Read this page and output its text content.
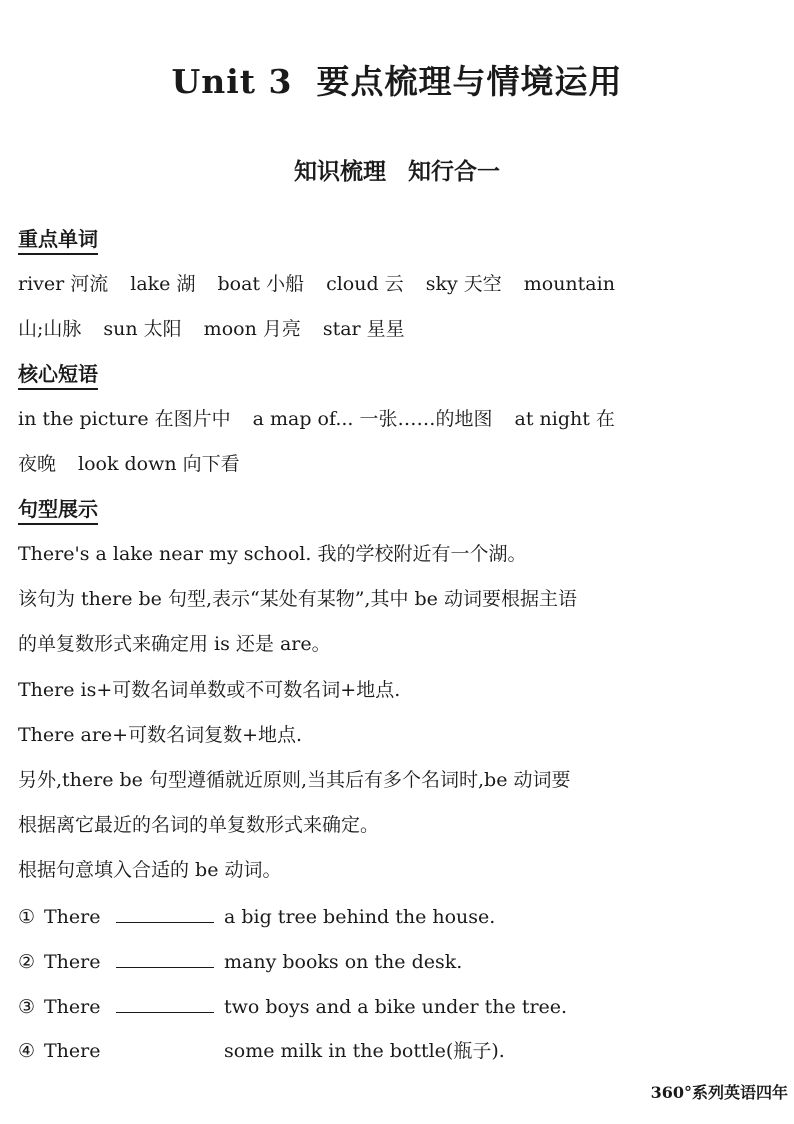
Unit 3 要点梳理与情境运用
知识梳理 知行合一
重点单词
river 河流 lake 湖 boat 小船 cloud 云 sky 天空 mountain
山;山脉 sun 太阳 moon 月亮 star 星星
核心短语
in the picture 在图片中 a map of... 一张……的地图 at night 在
夜晚 look down 向下看
句型展示
There's a lake near my school. 我的学校附近有一个湖。
该句为 there be 句型,表示“某处有某物”,其中 be 动词要根据主语
的单复数形式来确定用 is 还是 are。
There is+可数名词单数或不可数名词+地点.
There are+可数名词复数+地点.
另外,there be 句型遵循就近原则,当其后有多个名词时,be 动词要
根据离它最近的名词的单复数形式来确定。
根据句意填入合适的 be 动词。
① There	a big tree behind the house.
② There	many books on the desk.
③ There	two boys and a bike under the tree.
④ There	some milk in the bottle(瓶子).
360°系列英语四年
